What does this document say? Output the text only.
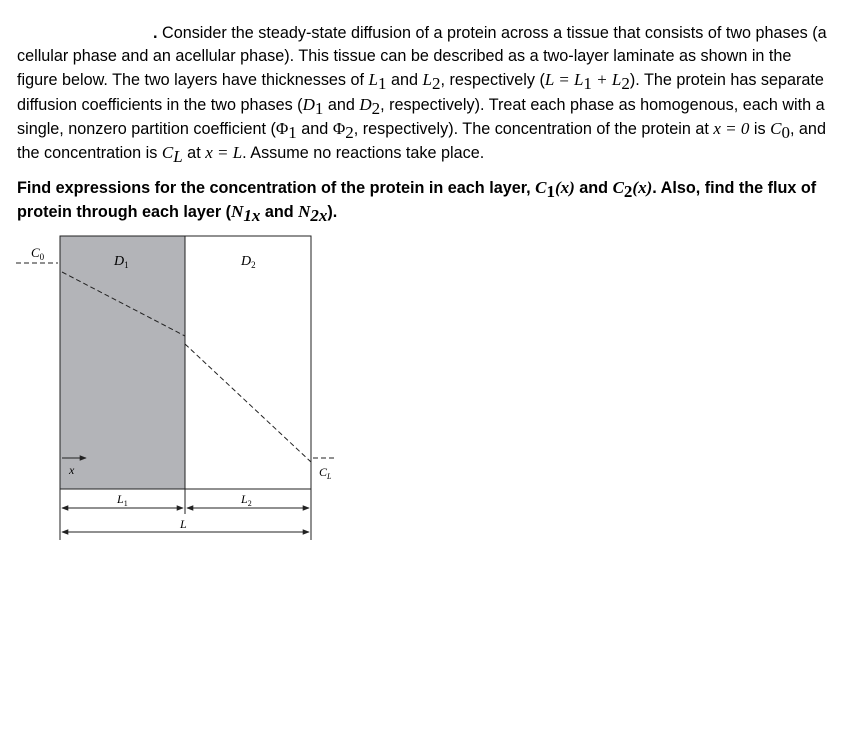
. Consider the steady-state diffusion of a protein across a tissue that consists of two phases (a cellular phase and an acellular phase). This tissue can be described as a two-layer laminate as shown in the figure below. The two layers have thicknesses of $L_1$ and $L_2$, respectively $(L = L_1 + L_2)$. The protein has separate diffusion coefficients in the two phases ($D_1$ and $D_2$, respectively). Treat each phase as homogenous, each with a single, nonzero partition coefficient ($\Phi_1$ and $\Phi_2$, respectively). The concentration of the protein at x = 0 is $C_0$, and the concentration is $C_L$ at x = L. Assume no reactions take place.
Find expressions for the concentration of the protein in each layer, $C_1(x)$ and $C_2(x)$. Also, find the flux of protein through each layer ($N_{1x}$ and $N_{2x}$).
$C_0$	$D_1$	$D_2$
$C_L$
x
$L_1$	$L_2$
L
